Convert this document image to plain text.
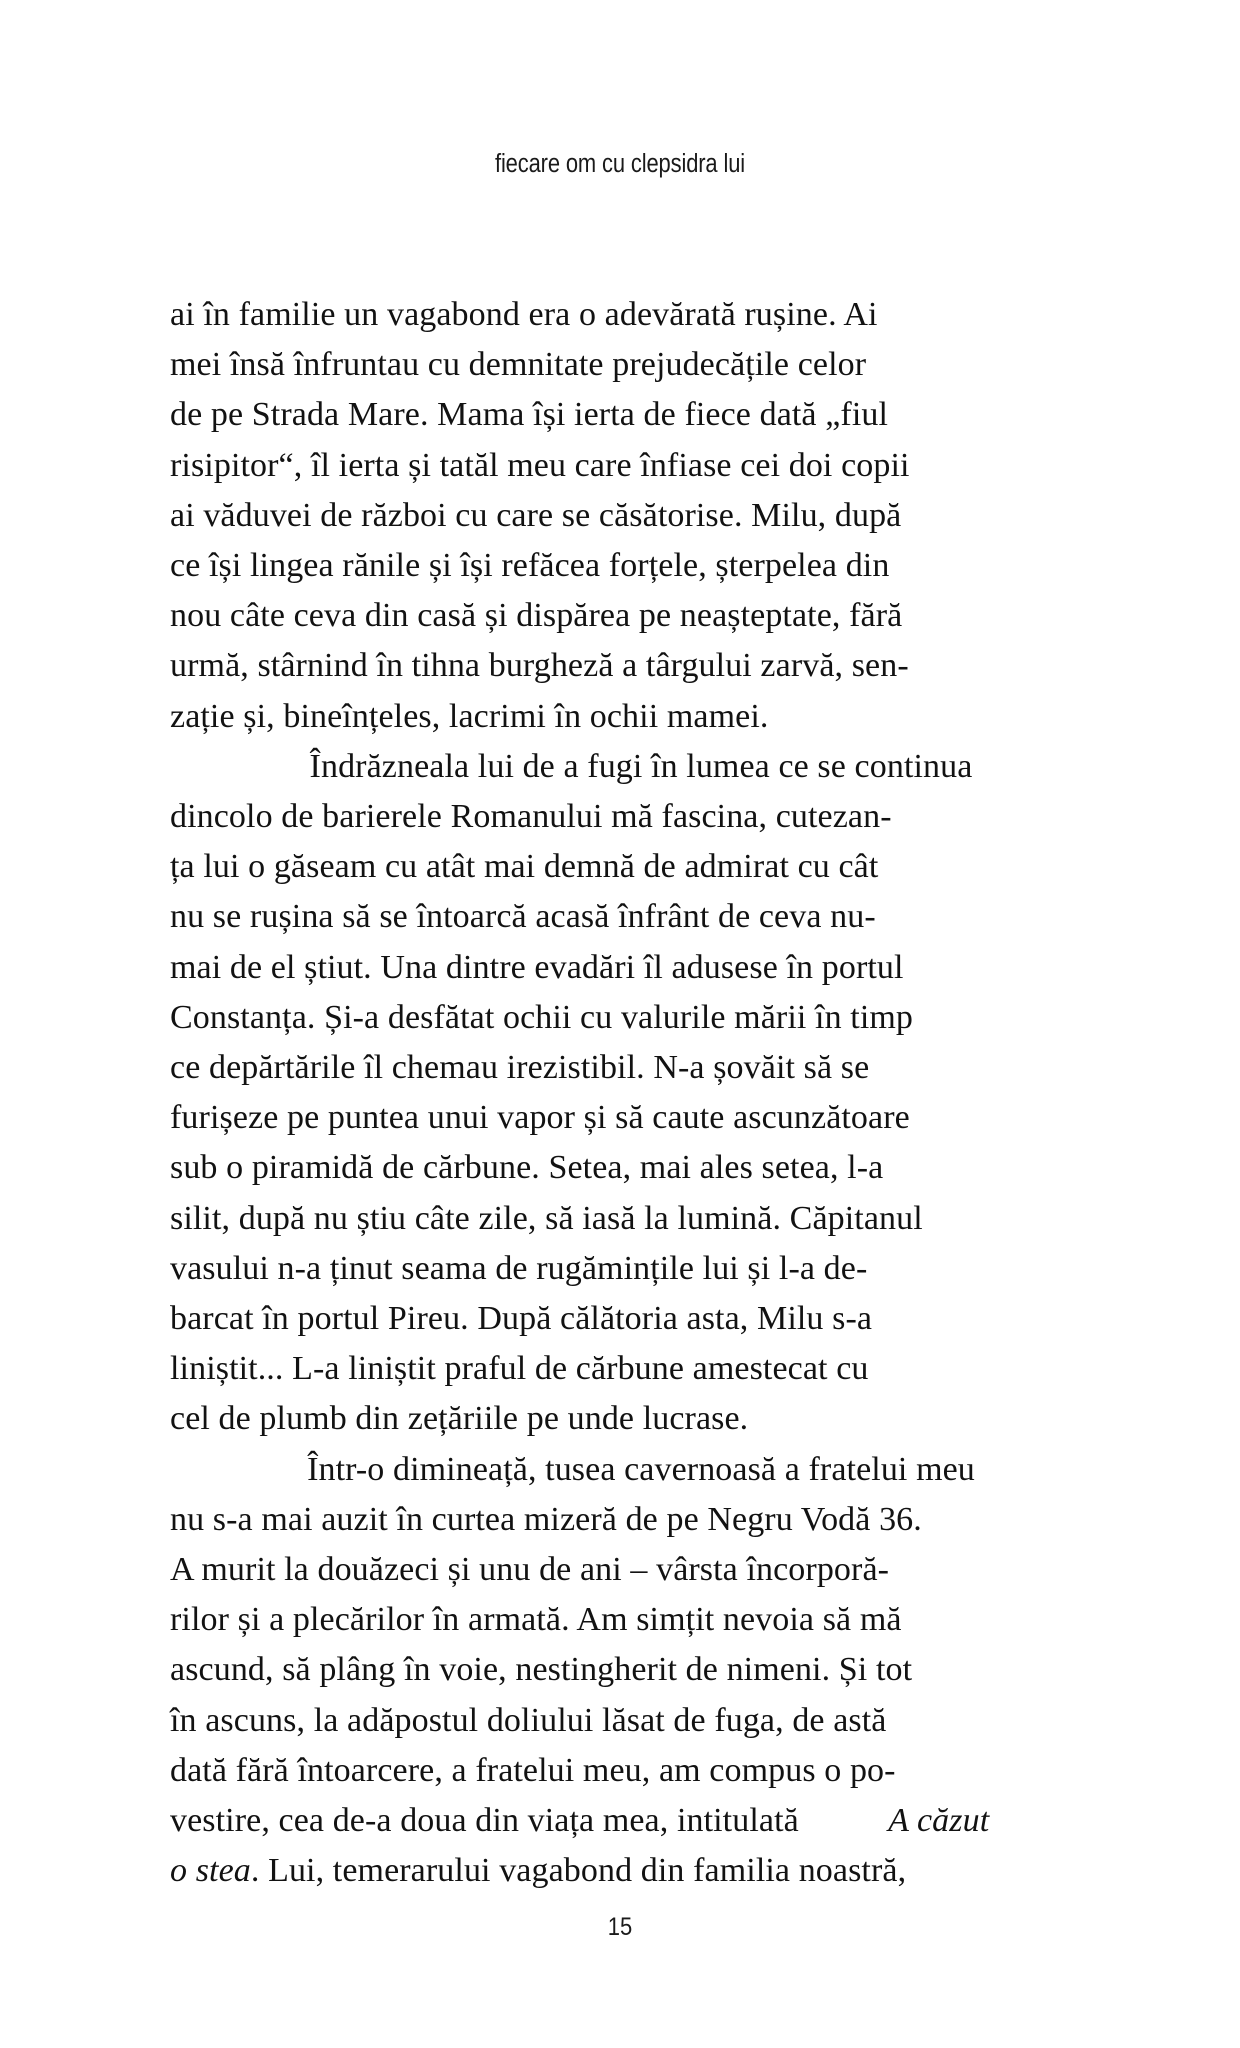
fiecare om cu clepsidra lui

ai în familie un vagabond era o adevărată rușine. Ai
mei însă înfruntau cu demnitate prejudecățile celor
de pe Strada Mare. Mama își ierta de fiece dată „fiul
risipitor“, îl ierta și tatăl meu care înfiase cei doi copii
ai văduvei de război cu care se căsătorise. Milu, după
ce își lingea rănile și își refăcea forțele, șterpelea din
nou câte ceva din casă și dispărea pe neașteptate, fără
urmă, stârnind în tihna burgheză a târgului zarvă, sen-
zație și, bineînțeles, lacrimi în ochii mamei.

Îndrăzneala lui de a fugi în lumea ce se continua
dincolo de barierele Romanului mă fascina, cutezan-
ța lui o găseam cu atât mai demnă de admirat cu cât
nu se rușina să se întoarcă acasă înfrânt de ceva nu-
mai de el știut. Una dintre evadări îl adusese în portul
Constanța. Și-a desfătat ochii cu valurile mării în timp
ce depărtările îl chemau irezistibil. N-a șovăit să se
furișeze pe puntea unui vapor și să caute ascunzătoare
sub o piramidă de cărbune. Setea, mai ales setea, l-a
silit, după nu știu câte zile, să iasă la lumină. Căpitanul
vasului n-a ținut seama de rugămințile lui și l-a de-
barcat în portul Pireu. După călătoria asta, Milu s-a
liniștit... L-a liniștit praful de cărbune amestecat cu
cel de plumb din zețăriile pe unde lucrase.

Într-o dimineață, tusea cavernoasă a fratelui meu
nu s-a mai auzit în curtea mizeră de pe Negru Vodă 36.
A murit la douăzeci și unu de ani – vârsta încorporă-
rilor și a plecărilor în armată. Am simțit nevoia să mă
ascund, să plâng în voie, nestingherit de nimeni. Și tot
în ascuns, la adăpostul doliului lăsat de fuga, de astă
dată fără întoarcere, a fratelui meu, am compus o po-
vestire, cea de-a doua din viața mea, intitulată A căzut
o stea. Lui, temerarului vagabond din familia noastră,

15
